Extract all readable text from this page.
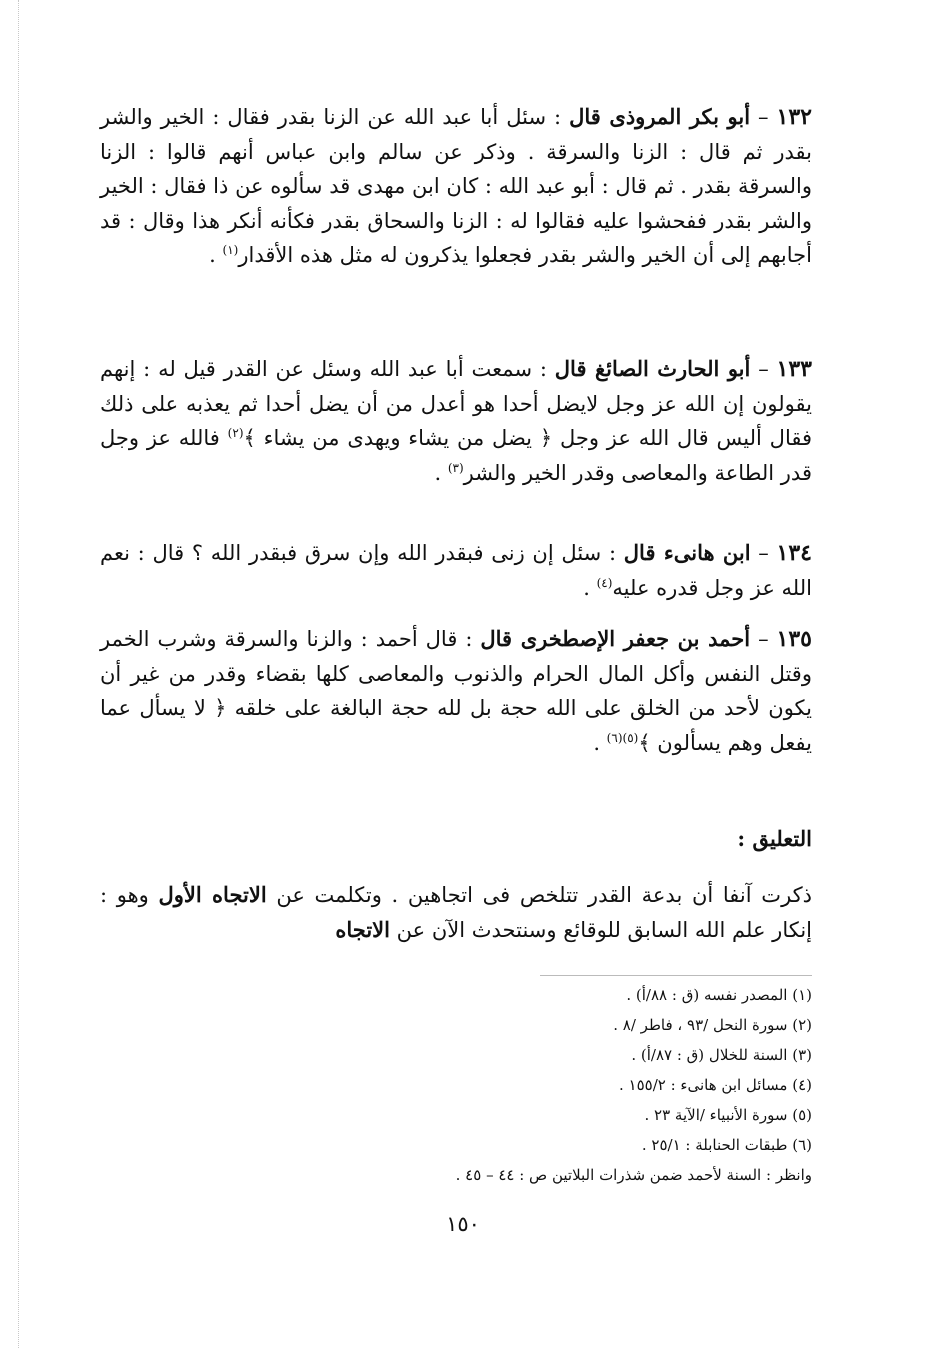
١٣٢ – أبو بكر المروذى قال : سئل أبا عبد الله عن الزنا بقدر فقال : الخير والشر بقدر ثم قال : الزنا والسرقة . وذكر عن سالم وابن عباس أنهم قالوا : الزنا والسرقة بقدر . ثم قال : أبو عبد الله : كان ابن مهدى قد سألوه عن ذا فقال : الخير والشر بقدر ففحشوا عليه فقالوا له : الزنا والسحاق بقدر فكأنه أنكر هذا وقال : قد أجابهم إلى أن الخير والشر بقدر فجعلوا يذكرون له مثل هذه الأقدار$^{(١)}$ .

١٣٣ – أبو الحارث الصائغ قال : سمعت أبا عبد الله وسئل عن القدر قيل له : إنهم يقولون إن الله عز وجل لايضل أحدا هو أعدل من أن يضل أحدا ثم يعذبه على ذلك فقال أليس قال الله عز وجل ﴿ يضل من يشاء ويهدى من يشاء ﴾$^{(٢)}$ فالله عز وجل قدر الطاعة والمعاصى وقدر الخير والشر$^{(٣)}$ .

١٣٤ – ابن هانىء قال : سئل إن زنى فبقدر الله وإن سرق فبقدر الله ؟ قال : نعم الله عز وجل قدره عليه$^{(٤)}$ .

١٣٥ – أحمد بن جعفر الإصطخرى قال : قال أحمد : والزنا والسرقة وشرب الخمر وقتل النفس وأكل المال الحرام والذنوب والمعاصى كلها بقضاء وقدر من غير أن يكون لأحد من الخلق على الله حجة بل لله حجة البالغة على خلقه ﴿ لا يسأل عما يفعل وهم يسألون ﴾$^{(٥)(٦)}$ .

التعليق :

ذكرت آنفا أن بدعة القدر تتلخص فى اتجاهين . وتكلمت عن الاتجاه الأول وهو : إنكار علم الله السابق للوقائع وسنتحدث الآن عن الاتجاه

(١) المصدر نفسه (ق : ٨٨/أ) .
(٢) سورة النحل /٩٣ ، فاطر /٨ .
(٣) السنة للخلال (ق : ٨٧/أ) .
(٤) مسائل ابن هانىء : ١٥٥/٢ .
(٥) سورة الأنبياء /الآية ٢٣ .
(٦) طبقات الحنابلة : ٢٥/١ .
وانظر : السنة لأحمد ضمن شذرات البلاتين ص : ٤٤ – ٤٥ .
١٥٠
